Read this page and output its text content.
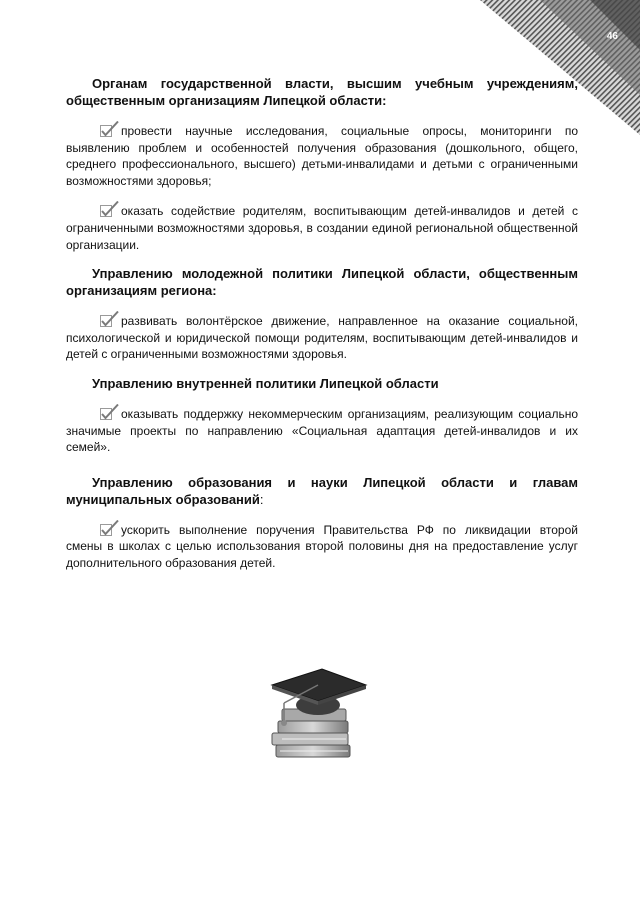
46

Органам государственной власти, высшим учебным учреждениям, общественным организациям Липецкой области:

провести научные исследования, социальные опросы, мониторинги по выявлению проблем и особенностей получения образования (дошкольного, общего, среднего профессионального, высшего) детьми-инвалидами и детьми с ограниченными возможностями здоровья;

оказать содействие родителям, воспитывающим детей-инвалидов и детей с ограниченными возможностями здоровья, в создании единой региональной общественной организации.

Управлению молодежной политики Липецкой области, общественным организациям региона:

развивать волонтёрское движение, направленное на оказание социальной, психологической и юридической помощи родителям, воспитывающим детей-инвалидов и детей с ограниченными возможностями здоровья.

Управлению внутренней политики Липецкой области

оказывать поддержку некоммерческим организациям, реализующим социально значимые проекты по направлению «Социальная адаптация детей-инвалидов и их семей».

Управлению образования и науки Липецкой области и главам муниципальных образований:

ускорить выполнение поручения Правительства РФ по ликвидации второй смены в школах с целью использования второй половины дня на предоставление услуг дополнительного образования детей.
